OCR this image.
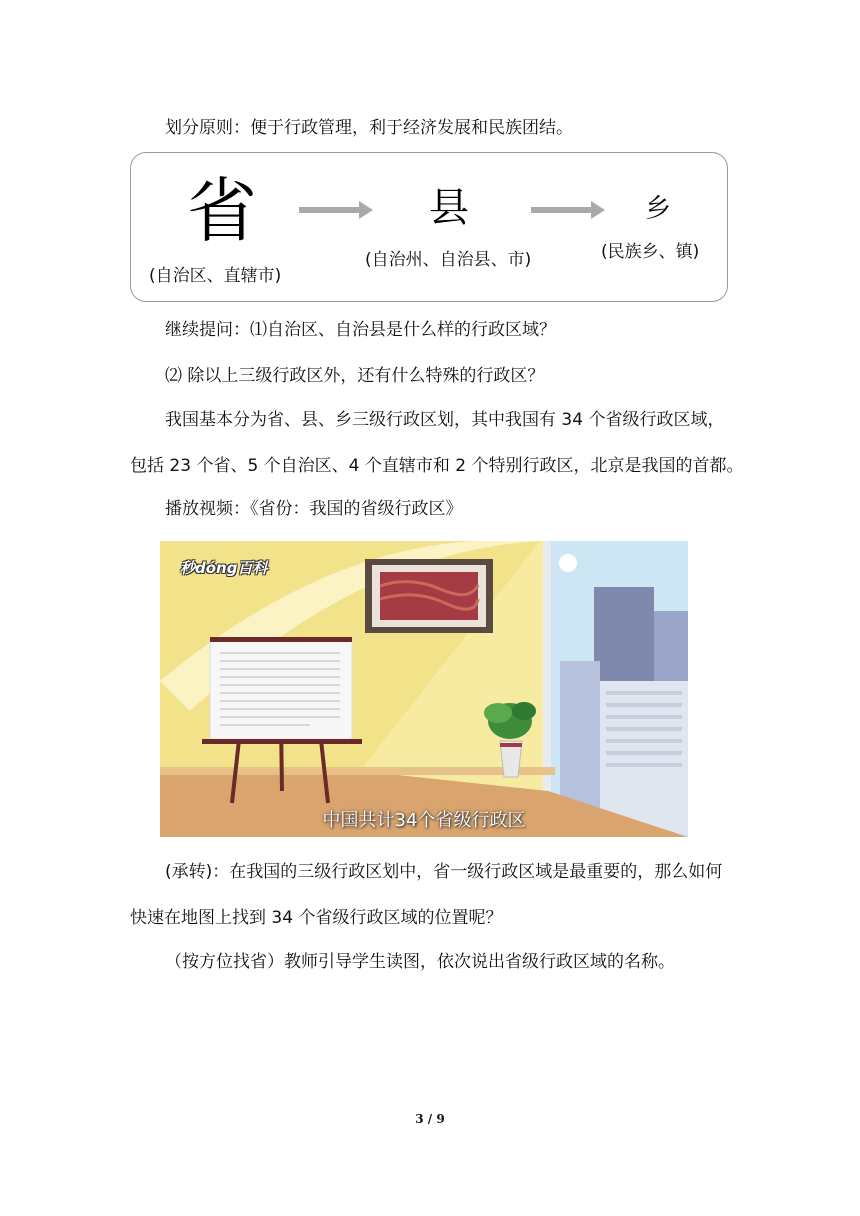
划分原则：便于行政管理，利于经济发展和民族团结。
省
(自治区、直辖市)
县
(自治州、自治县、市)
乡
(民族乡、镇)
继续提问：⑴自治区、自治县是什么样的行政区域？
⑵ 除以上三级行政区外，还有什么特殊的行政区？
我国基本分为省、县、乡三级行政区划，其中我国有 34 个省级行政区域，
包括 23 个省、5 个自治区、4 个直辖市和 2 个特别行政区，北京是我国的首都。
播放视频：《省份：我国的省级行政区》
秒dóng百科
中国共计34个省级行政区
(承转)：在我国的三级行政区划中，省一级行政区域是最重要的，那么如何
快速在地图上找到 34 个省级行政区域的位置呢？
（按方位找省）教师引导学生读图，依次说出省级行政区域的名称。
3 / 9
